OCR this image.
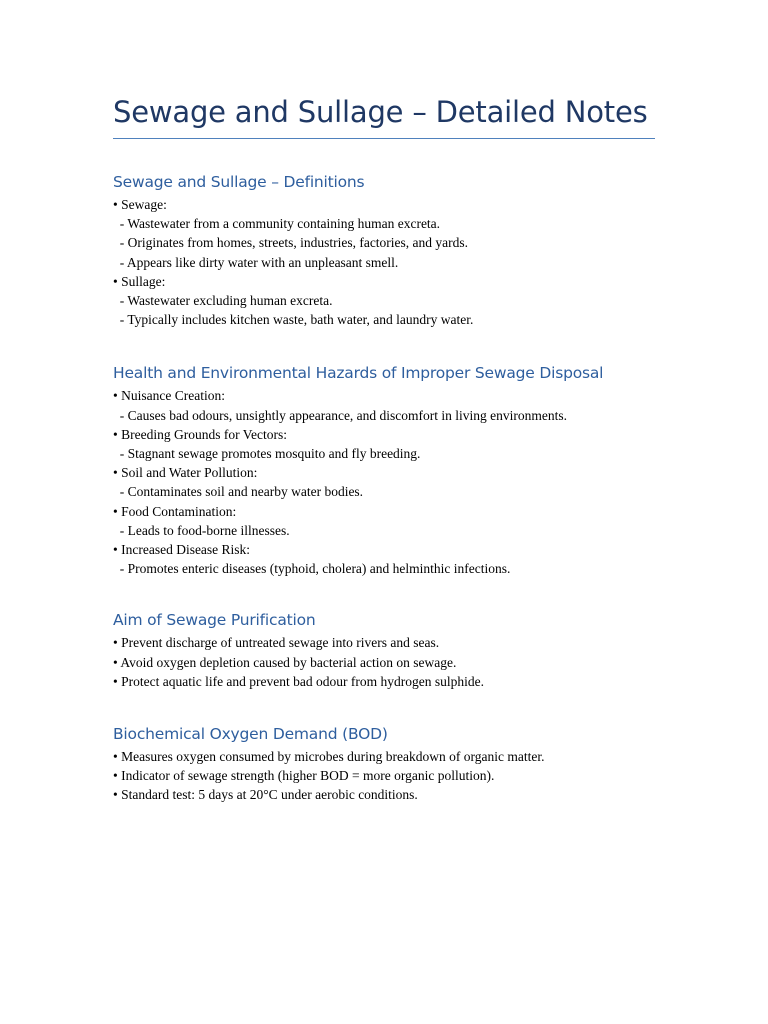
Sewage and Sullage – Detailed Notes
Sewage and Sullage – Definitions

• Sewage:

- Wastewater from a community containing human excreta.

- Originates from homes, streets, industries, factories, and yards.

- Appears like dirty water with an unpleasant smell.

• Sullage:

- Wastewater excluding human excreta.

- Typically includes kitchen waste, bath water, and laundry water.

Health and Environmental Hazards of Improper Sewage Disposal

• Nuisance Creation:

- Causes bad odours, unsightly appearance, and discomfort in living environments.

• Breeding Grounds for Vectors:

- Stagnant sewage promotes mosquito and fly breeding.

• Soil and Water Pollution:

- Contaminates soil and nearby water bodies.

• Food Contamination:

- Leads to food-borne illnesses.

• Increased Disease Risk:

- Promotes enteric diseases (typhoid, cholera) and helminthic infections.

Aim of Sewage Purification

• Prevent discharge of untreated sewage into rivers and seas.

• Avoid oxygen depletion caused by bacterial action on sewage.

• Protect aquatic life and prevent bad odour from hydrogen sulphide.

Biochemical Oxygen Demand (BOD)

• Measures oxygen consumed by microbes during breakdown of organic matter.

• Indicator of sewage strength (higher BOD = more organic pollution).

• Standard test: 5 days at 20°C under aerobic conditions.
